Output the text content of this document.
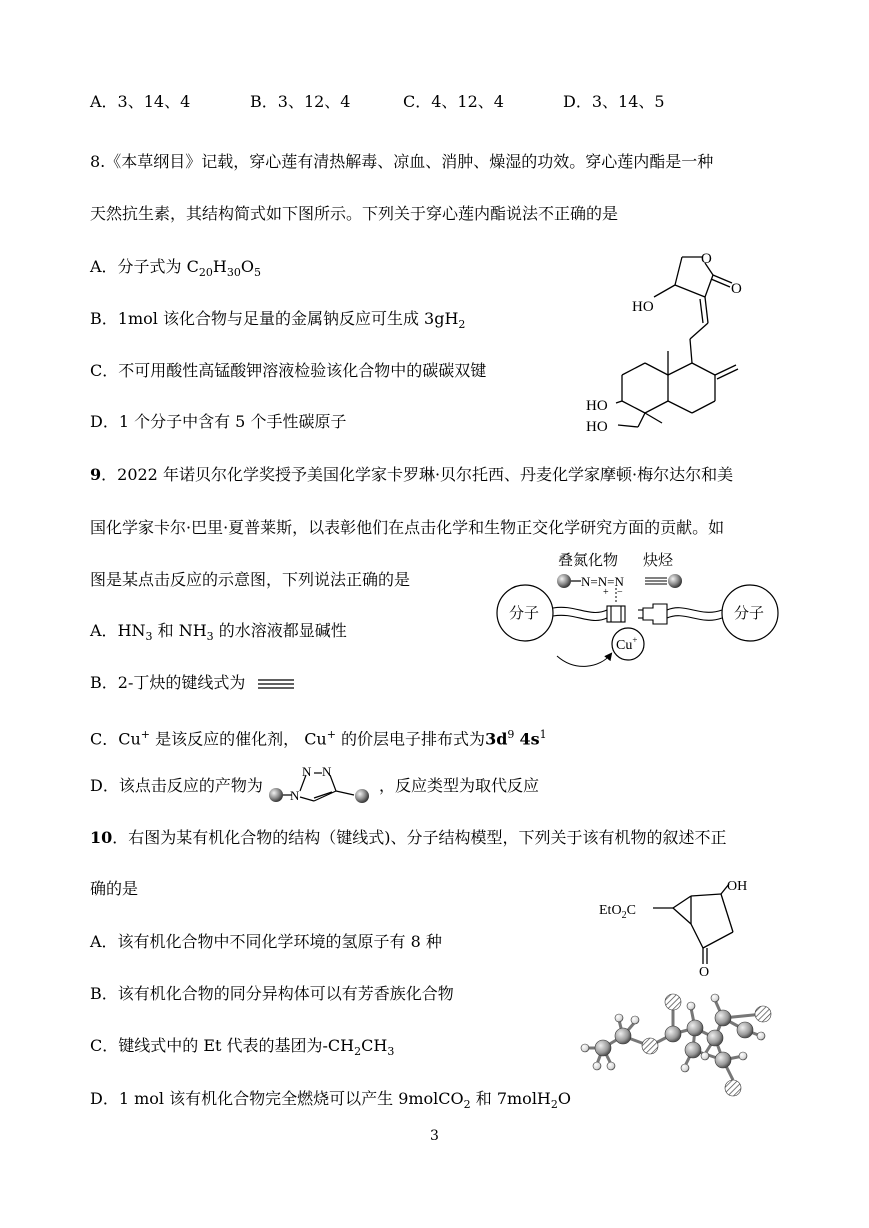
A．3、14、4	B．3、12、4	C．4、12、4	D．3、14、5
8.《本草纲目》记载，穿心莲有清热解毒、凉血、消肿、燥湿的功效。穿心莲内酯是一种
天然抗生素，其结构简式如下图所示。下列关于穿心莲内酯说法不正确的是
A．分子式为 $C_{20}H_{30}O_5$
B．1mol 该化合物与足量的金属钠反应可生成 $3gH_2$
C．不可用酸性高锰酸钾溶液检验该化合物中的碳碳双键
D．1 个分子中含有 5 个手性碳原子
HO
O
O
HO
HO
9．2022 年诺贝尔化学奖授予美国化学家卡罗琳·贝尔托西、丹麦化学家摩顿·梅尔达尔和美
国化学家卡尔·巴里·夏普莱斯，以表彰他们在点击化学和生物正交化学研究方面的贡献。如
图是某点击反应的示意图，下列说法正确的是
A．$HN_3$ 和 $NH_3$ 的水溶液都显碱性
B．2-丁炔的键线式为
C．Cu+ 是该反应的催化剂， Cu+ 的价层电子排布式为$3d^9$ $4s^1$
D．该点击反应的产物为 N
N N
，反应类型为取代反应
叠氮化物 炔烃
N=N=N
+ −
分子	分子
Cu+
10．右图为某有机化合物的结构（键线式)、分子结构模型，下列关于该有机物的叙述不正
确的是
A．该有机化合物中不同化学环境的氢原子有 8 种
B．该有机化合物的同分异构体可以有芳香族化合物
C．键线式中的 Et 代表的基团为$-CH_2CH_3$
D．1 mol 该有机化合物完全燃烧可以产生 9molCO$_2$ 和 7molH$_2$O
EtO$_2$C
OH
O
3
